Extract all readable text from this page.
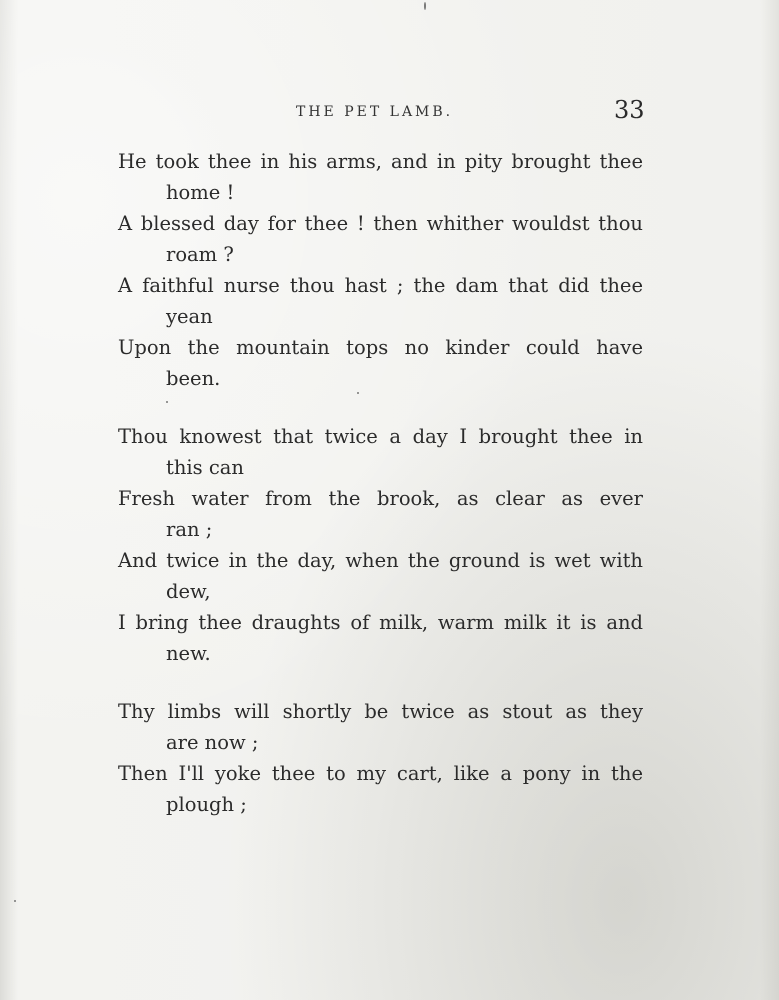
THE PET LAMB.	33

He took thee in his arms, and in pity brought thee

home !

A blessed day for thee ! then whither wouldst thou

roam ?

A faithful nurse thou hast ; the dam that did thee

yean

Upon the mountain tops no kinder could have

been.

Thou knowest that twice a day I brought thee in

this can

Fresh water from the brook, as clear as ever

ran ;

And twice in the day, when the ground is wet with

dew,

I bring thee draughts of milk, warm milk it is and

new.

Thy limbs will shortly be twice as stout as they

are now ;

Then I'll yoke thee to my cart, like a pony in the

plough ;
